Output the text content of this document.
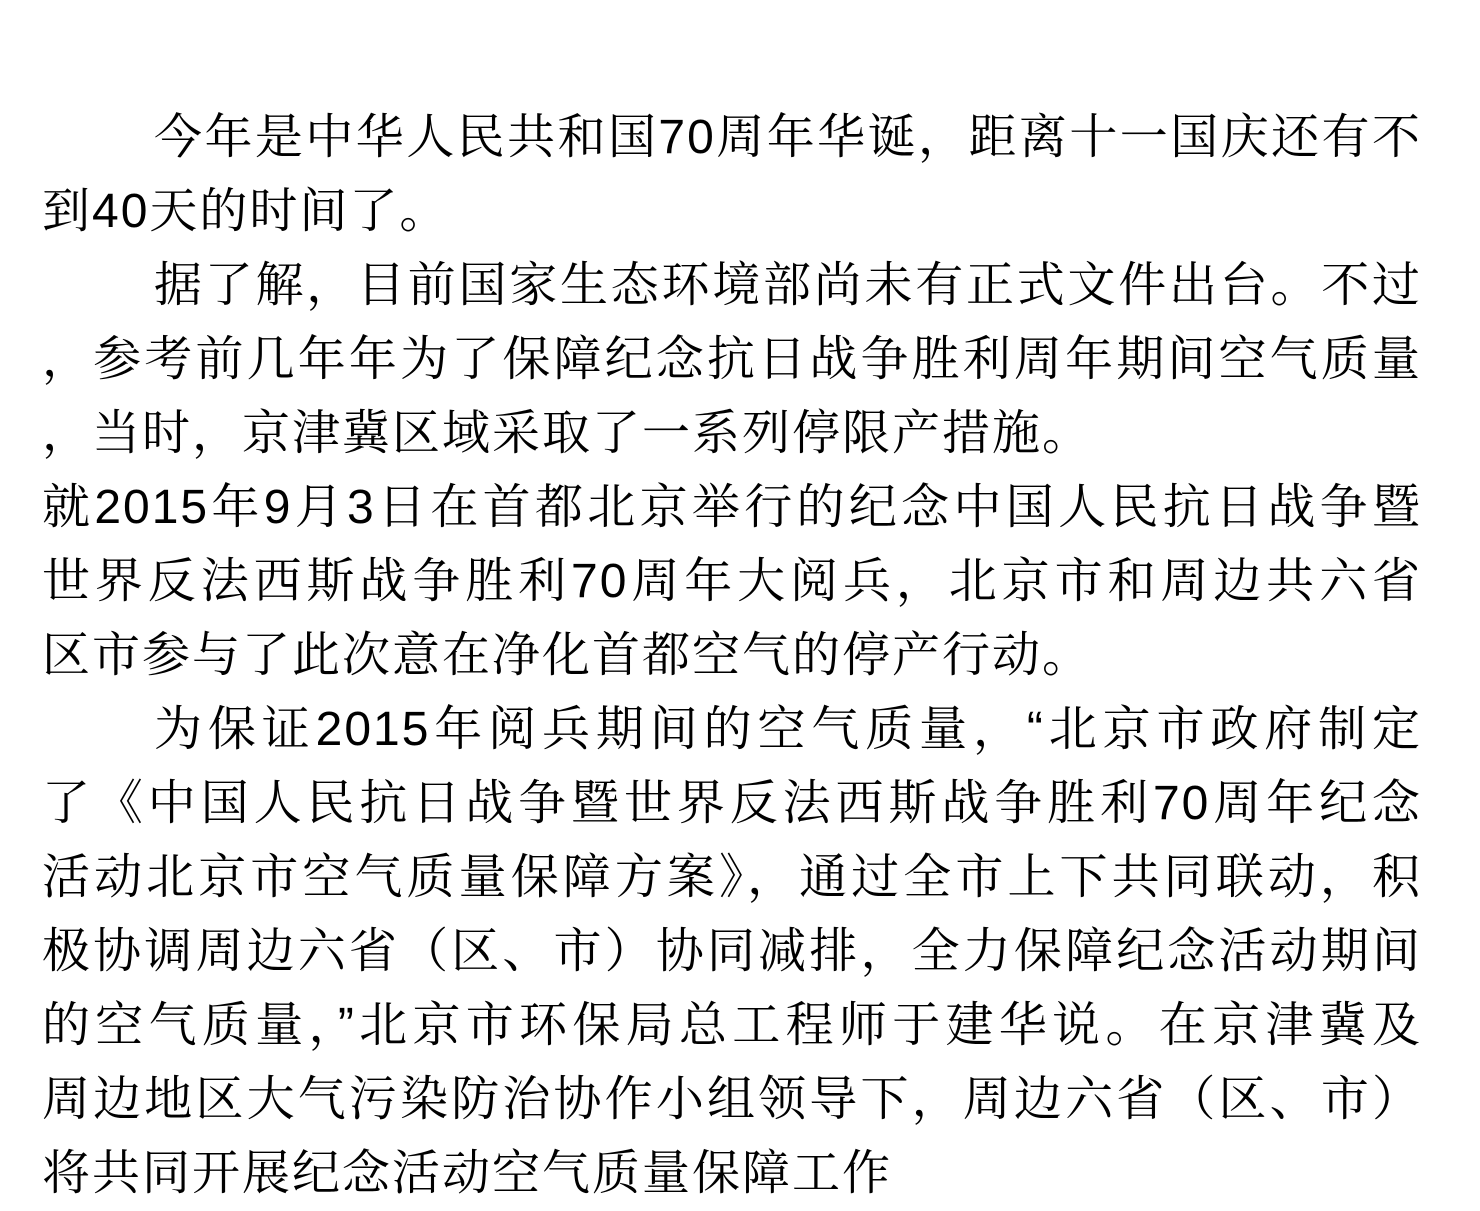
今年是中华人民共和国70周年华诞，距离十一国庆还有不
到40天的时间了。
据了解，目前国家生态环境部尚未有正式文件出台。不过
，参考前几年年为了保障纪念抗日战争胜利周年期间空气质量
，当时，京津冀区域采取了一系列停限产措施。
就2015年9月3日在首都北京举行的纪念中国人民抗日战争暨
世界反法西斯战争胜利70周年大阅兵，北京市和周边共六省
区市参与了此次意在净化首都空气的停产行动。
为保证2015年阅兵期间的空气质量，“北京市政府制定
了《中国人民抗日战争暨世界反法西斯战争胜利70周年纪念
活动北京市空气质量保障方案》，通过全市上下共同联动，积
极协调周边六省（区、市）协同减排，全力保障纪念活动期间
的空气质量，”北京市环保局总工程师于建华说。在京津冀及
周边地区大气污染防治协作小组领导下，周边六省（区、市）
将共同开展纪念活动空气质量保障工作
